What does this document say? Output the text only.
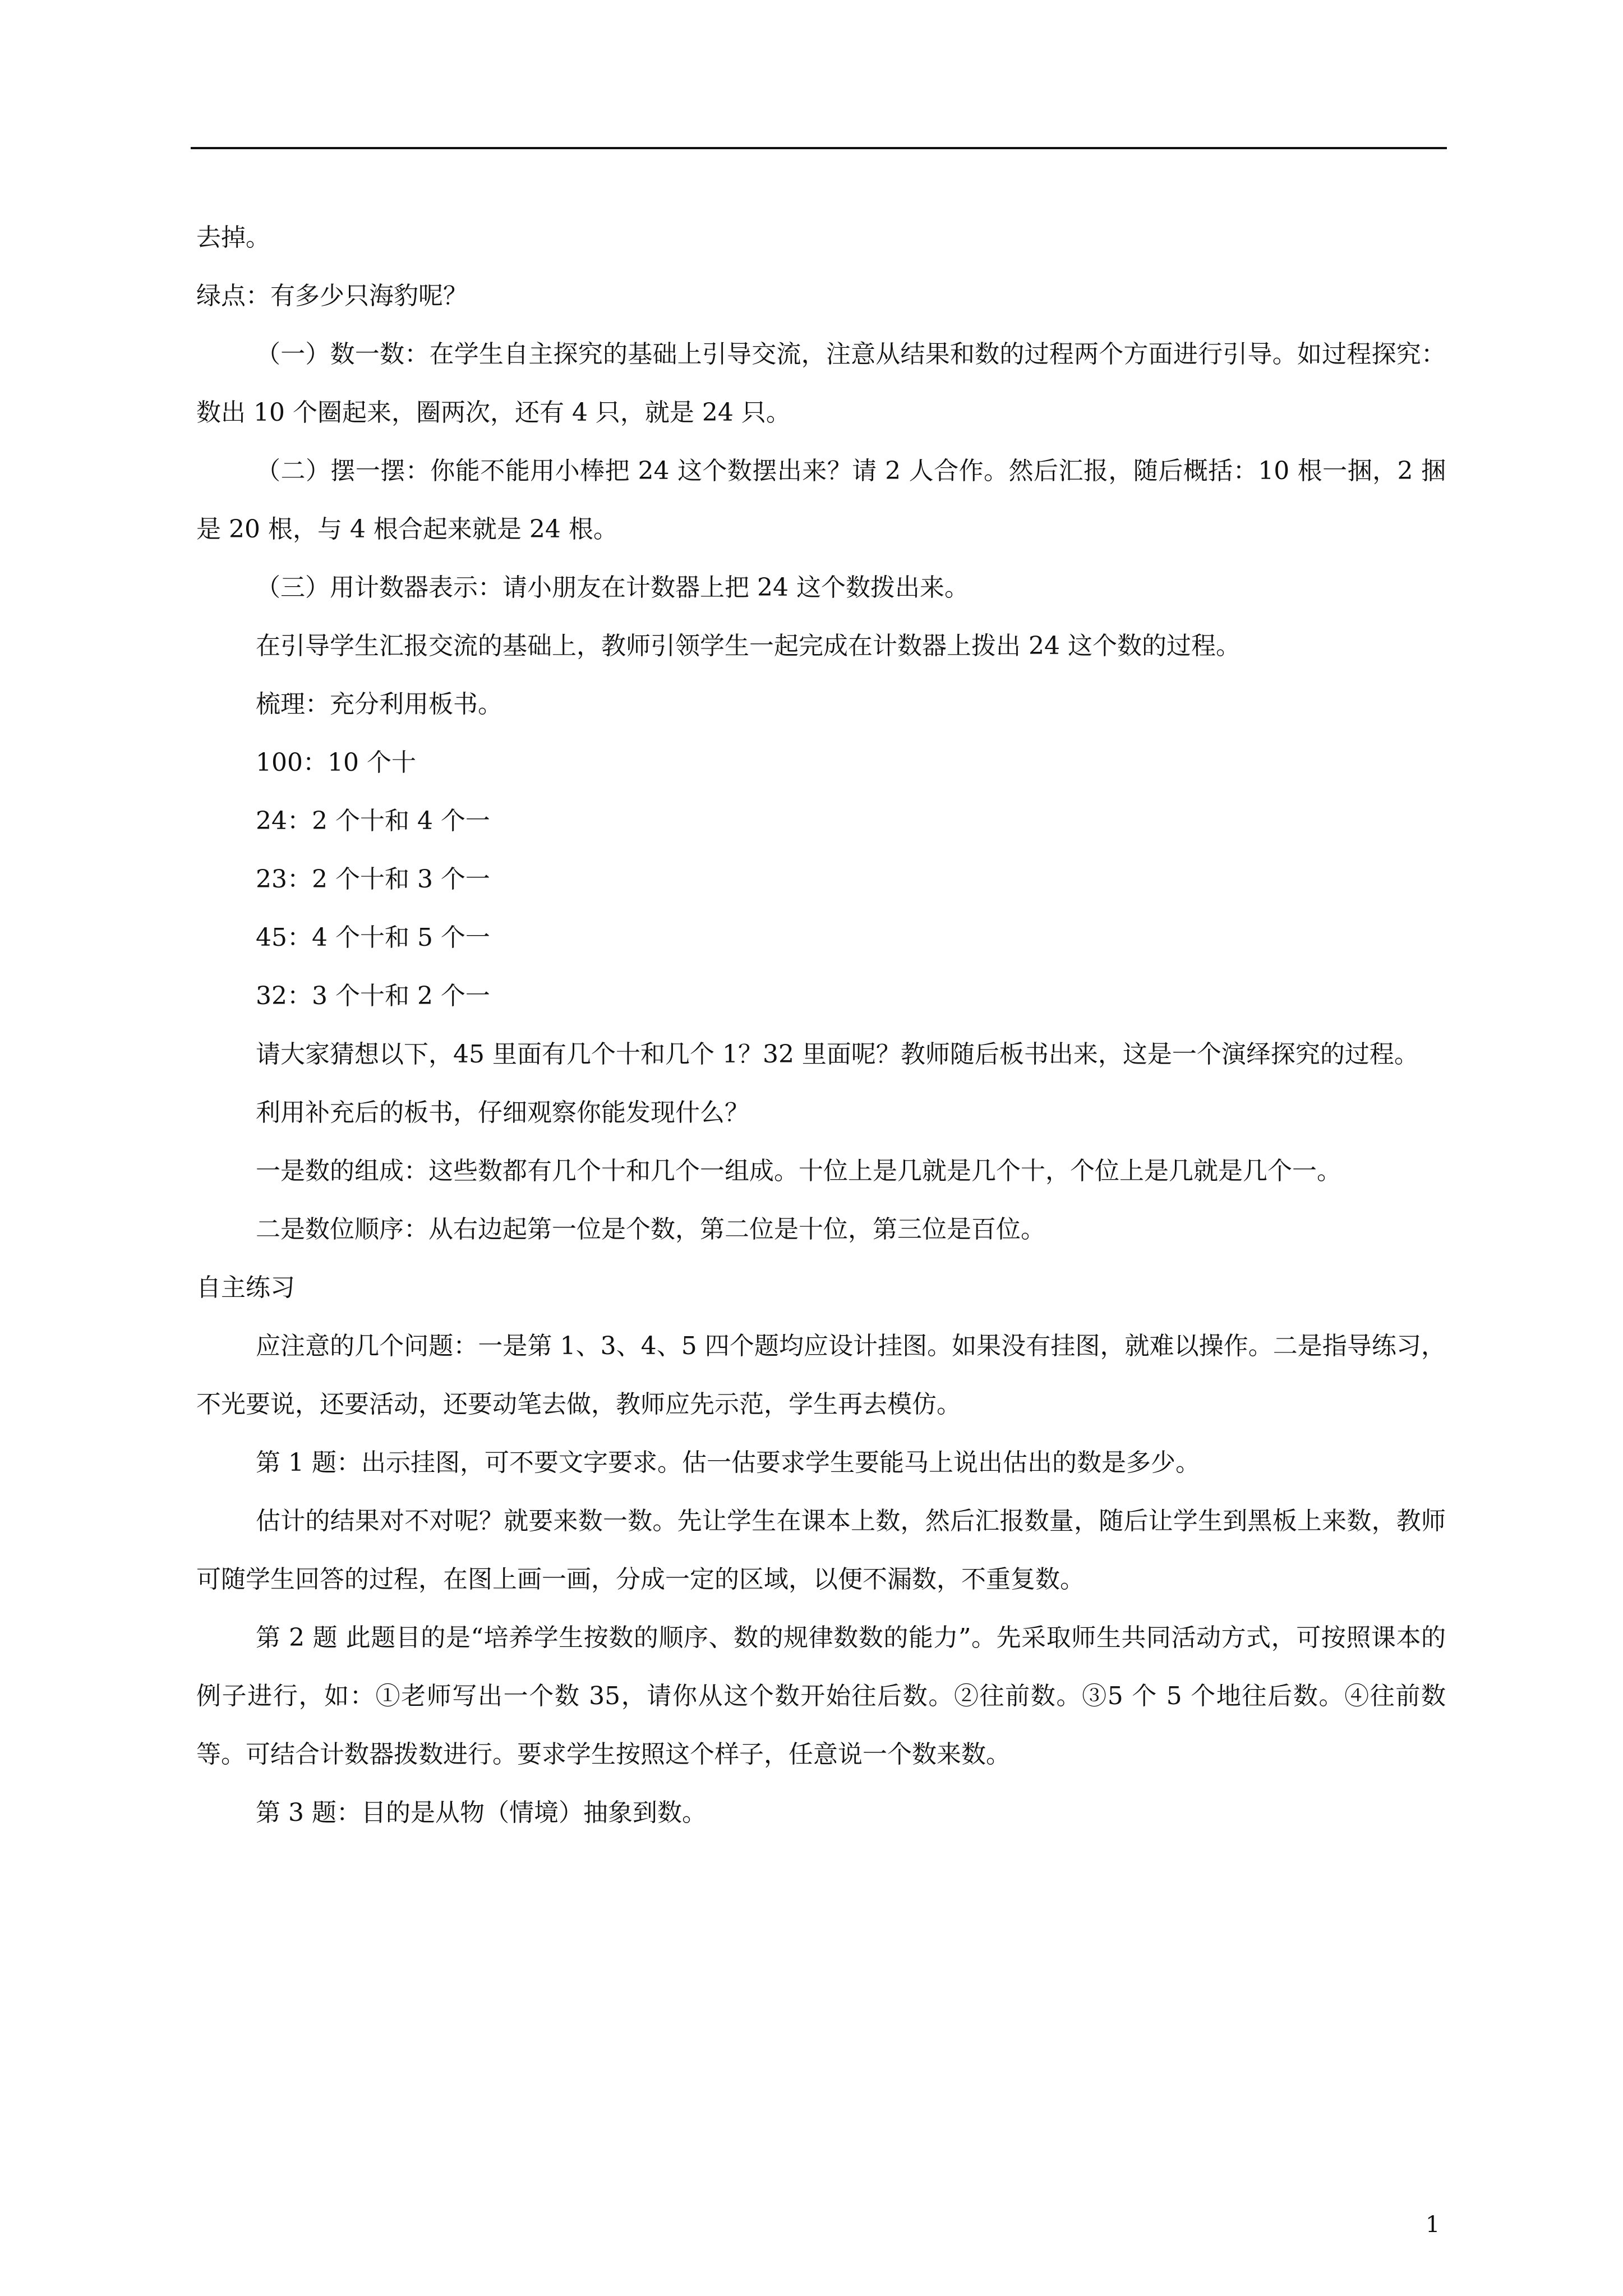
去掉。

绿点：有多少只海豹呢？

（一）数一数：在学生自主探究的基础上引导交流，注意从结果和数的过程两个方面进行引导。如过程探究：数出 10 个圈起来，圈两次，还有 4 只，就是 24 只。

（二）摆一摆：你能不能用小棒把 24 这个数摆出来？请 2 人合作。然后汇报，随后概括：10 根一捆，2 捆是 20 根，与 4 根合起来就是 24 根。

（三）用计数器表示：请小朋友在计数器上把 24 这个数拨出来。

在引导学生汇报交流的基础上，教师引领学生一起完成在计数器上拨出 24 这个数的过程。

梳理：充分利用板书。

100：10 个十

24：2 个十和 4 个一

23：2 个十和 3 个一

45：4 个十和 5 个一

32：3 个十和 2 个一

请大家猜想以下，45 里面有几个十和几个 1？32 里面呢？教师随后板书出来，这是一个演绎探究的过程。

利用补充后的板书，仔细观察你能发现什么？

一是数的组成：这些数都有几个十和几个一组成。十位上是几就是几个十，个位上是几就是几个一。

二是数位顺序：从右边起第一位是个数，第二位是十位，第三位是百位。

自主练习

应注意的几个问题：一是第 1、3、4、5 四个题均应设计挂图。如果没有挂图，就难以操作。二是指导练习，不光要说，还要活动，还要动笔去做，教师应先示范，学生再去模仿。

第 1 题：出示挂图，可不要文字要求。估一估要求学生要能马上说出估出的数是多少。

估计的结果对不对呢？就要来数一数。先让学生在课本上数，然后汇报数量，随后让学生到黑板上来数，教师可随学生回答的过程，在图上画一画，分成一定的区域，以便不漏数，不重复数。

第 2 题 此题目的是“培养学生按数的顺序、数的规律数数的能力”。先采取师生共同活动方式，可按照课本的例子进行，如：①老师写出一个数 35，请你从这个数开始往后数。②往前数。③5 个 5 个地往后数。④往前数等。可结合计数器拨数进行。要求学生按照这个样子，任意说一个数来数。

第 3 题：目的是从物（情境）抽象到数。

1
